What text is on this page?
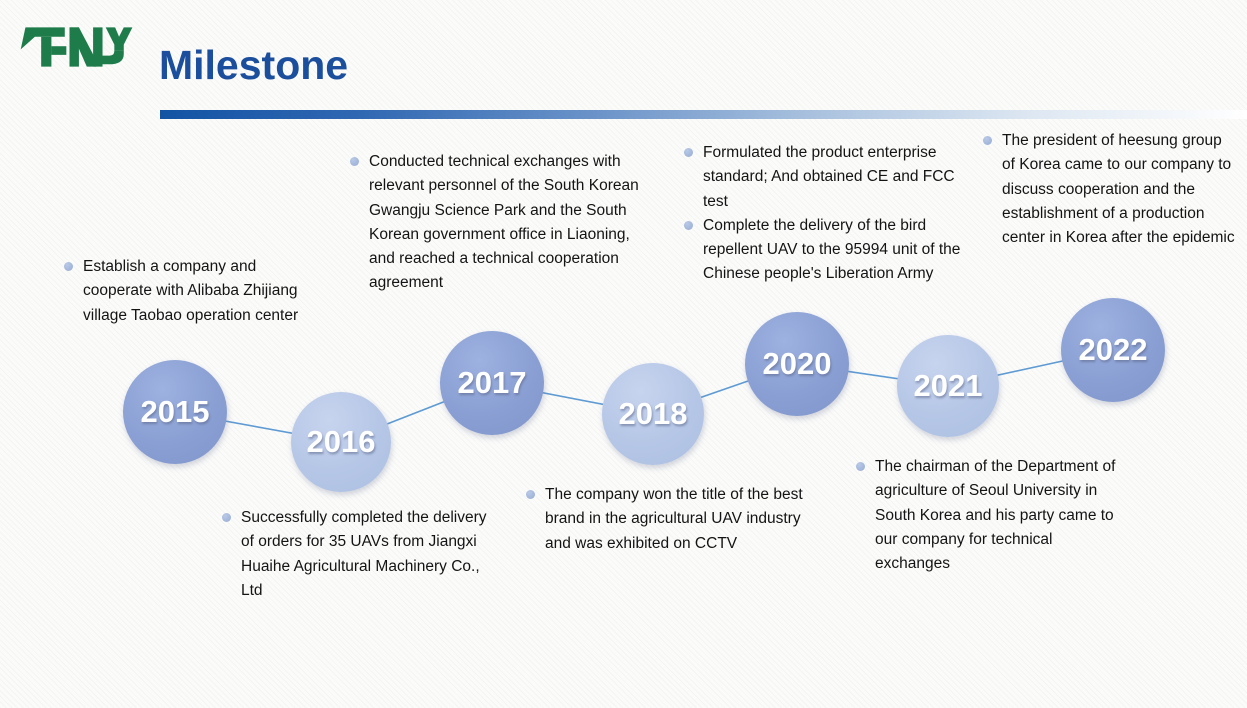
Milestone
2015
2016
2017
2018
2020
2021
2022
Establish a company and cooperate with Alibaba Zhijiang village Taobao operation center
Successfully completed the delivery of orders for 35 UAVs from Jiangxi Huaihe Agricultural Machinery Co., Ltd
Conducted technical exchanges with relevant personnel of the South Korean Gwangju Science Park and the South Korean government office in Liaoning, and reached a technical cooperation agreement
The company won the title of the best brand in the agricultural UAV industry and was exhibited on CCTV
Formulated the product enterprise standard; And obtained CE and FCC test
Complete the delivery of the bird repellent UAV to the 95994 unit of the Chinese people's Liberation Army
The chairman of the Department of agriculture of Seoul University in South Korea and his party came to our company for technical exchanges
The president of heesung group of Korea came to our company to discuss cooperation and the establishment of a production center in Korea after the epidemic
